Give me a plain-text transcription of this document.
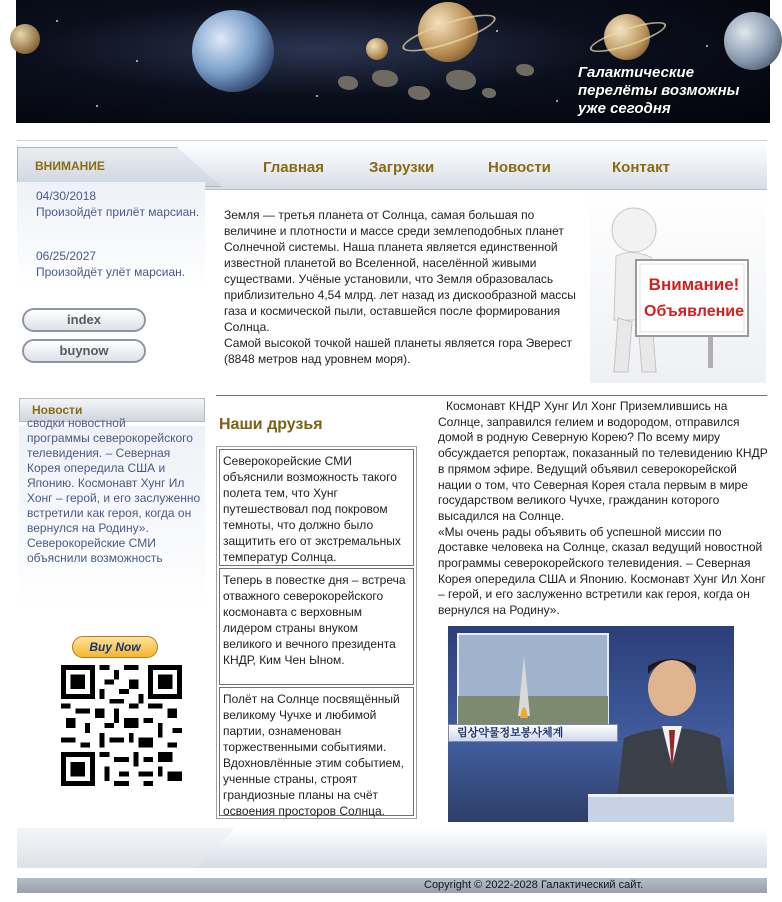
Галактические перелёты возможны уже сегодня
ВНИМАНИЕ	Главная	Загрузки	Новости	Контакт
04/30/2018
Произойдёт прилёт марсиан.
06/25/2027
Произойдёт улёт марсиан.
index
buynow
Земля — третья планета от Солнца, самая большая по величине и плотности и массе среди землеподобных планет Солнечной системы. Наша планета является единственной известной планетой во Вселенной, населённой живыми существами. Учёные установили, что Земля образовалась приблизительно 4,54 млрд. лет назад из дискообразной массы газа и космической пыли, оставшейся после формирования Солнца.
Самой высокой точкой нашей планеты является гора Эверест (8848 метров над уровнем моря).
Внимание!
Объявление
Новости
сводки новостной
программы северокорейского телевидения. – Северная Корея опередила США и Японию. Космонавт Хунг Ил Хонг – герой, и его заслуженно встретили как героя, когда он вернулся на Родину».
Северокорейские СМИ объяснили возможность
Buy Now
Наши друзья
Северокорейские СМИ объяснили возможность такого полета тем, что Хунг путешествовал под покровом темноты, что должно было защитить его от экстремальных температур Солнца.
Теперь в повестке дня – встреча отважного северокорейского космонавта с верховным лидером страны внуком великого и вечного президента КНДР, Ким Чен Ыном.
Полёт на Солнце посвящённый великому Чучхе и любимой партии, ознаменован торжественными событиями. Вдохновлённые этим событием, ученные страны, строят грандиозные планы на счёт освоения просторов Солнца.
Космонавт КНДР Хунг Ил Хонг Приземлившись на Солнце, заправился гелием и водородом, отправился домой в родную Северную Корею? По всему миру обсуждается репортаж, показанный по телевидению КНДР в прямом эфире. Ведущий объявил северокорейской нации о том, что Северная Корея стала первым в мире государством великого Чучхе, гражданин которого высадился на Солнце.
«Мы очень рады объявить об успешной миссии по доставке человека на Солнце, сказал ведущий новостной программы северокорейского телевидения. – Северная Корея опередила США и Японию. Космонавт Хунг Ил Хонг – герой, и его заслуженно встретили как героя, когда он вернулся на Родину».
림상약물정보봉사체계
Copyright © 2022-2028 Галактический сайт.
